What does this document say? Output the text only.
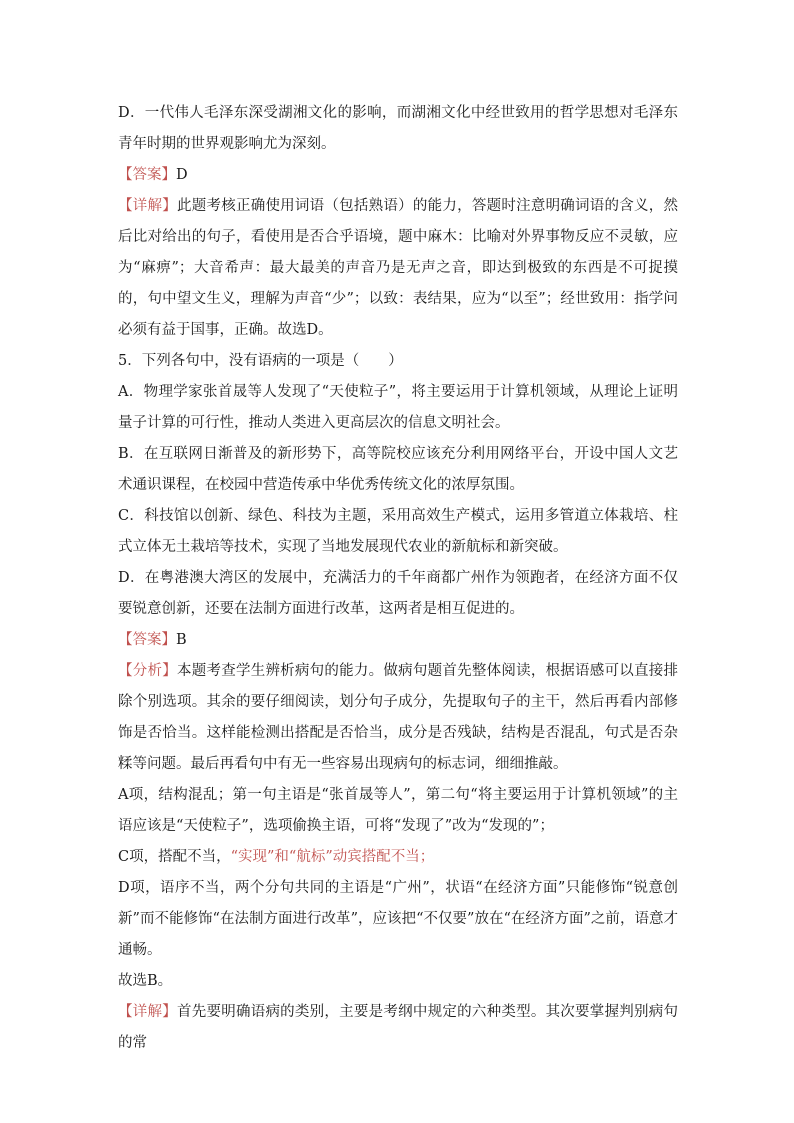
D．一代伟人毛泽东深受湖湘文化的影响，而湖湘文化中经世致用的哲学思想对毛泽东青年时期的世界观影响尤为深刻。

【答案】D

【详解】此题考核正确使用词语（包括熟语）的能力，答题时注意明确词语的含义，然后比对给出的句子，看使用是否合乎语境，题中麻木：比喻对外界事物反应不灵敏，应为“麻痹”；大音希声：最大最美的声音乃是无声之音，即达到极致的东西是不可捉摸的，句中望文生义，理解为声音“少”；以致：表结果，应为“以至”；经世致用：指学问必须有益于国事，正确。故选D。

5．下列各句中，没有语病的一项是（　　）

A．物理学家张首晟等人发现了“天使粒子”，将主要运用于计算机领域，从理论上证明量子计算的可行性，推动人类进入更高层次的信息文明社会。

B．在互联网日渐普及的新形势下，高等院校应该充分利用网络平台，开设中国人文艺术通识课程，在校园中营造传承中华优秀传统文化的浓厚氛围。

C．科技馆以创新、绿色、科技为主题，采用高效生产模式，运用多管道立体栽培、柱式立体无土栽培等技术，实现了当地发展现代农业的新航标和新突破。

D．在粤港澳大湾区的发展中，充满活力的千年商都广州作为领跑者，在经济方面不仅要锐意创新，还要在法制方面进行改革，这两者是相互促进的。

【答案】B

【分析】本题考查学生辨析病句的能力。做病句题首先整体阅读，根据语感可以直接排除个别选项。其余的要仔细阅读，划分句子成分，先提取句子的主干，然后再看内部修饰是否恰当。这样能检测出搭配是否恰当，成分是否残缺，结构是否混乱，句式是否杂糅等问题。最后再看句中有无一些容易出现病句的标志词，细细推敲。

A项，结构混乱；第一句主语是“张首晟等人”，第二句“将主要运用于计算机领域”的主语应该是“天使粒子”，选项偷换主语，可将“发现了”改为“发现的”；

C项，搭配不当，“实现”和“航标”动宾搭配不当；

D项，语序不当，两个分句共同的主语是“广州”，状语“在经济方面”只能修饰“锐意创新”而不能修饰“在法制方面进行改革”，应该把“不仅要”放在“在经济方面”之前，语意才通畅。

故选B。

【详解】首先要明确语病的类别，主要是考纲中规定的六种类型。其次要掌握判别病句的常
